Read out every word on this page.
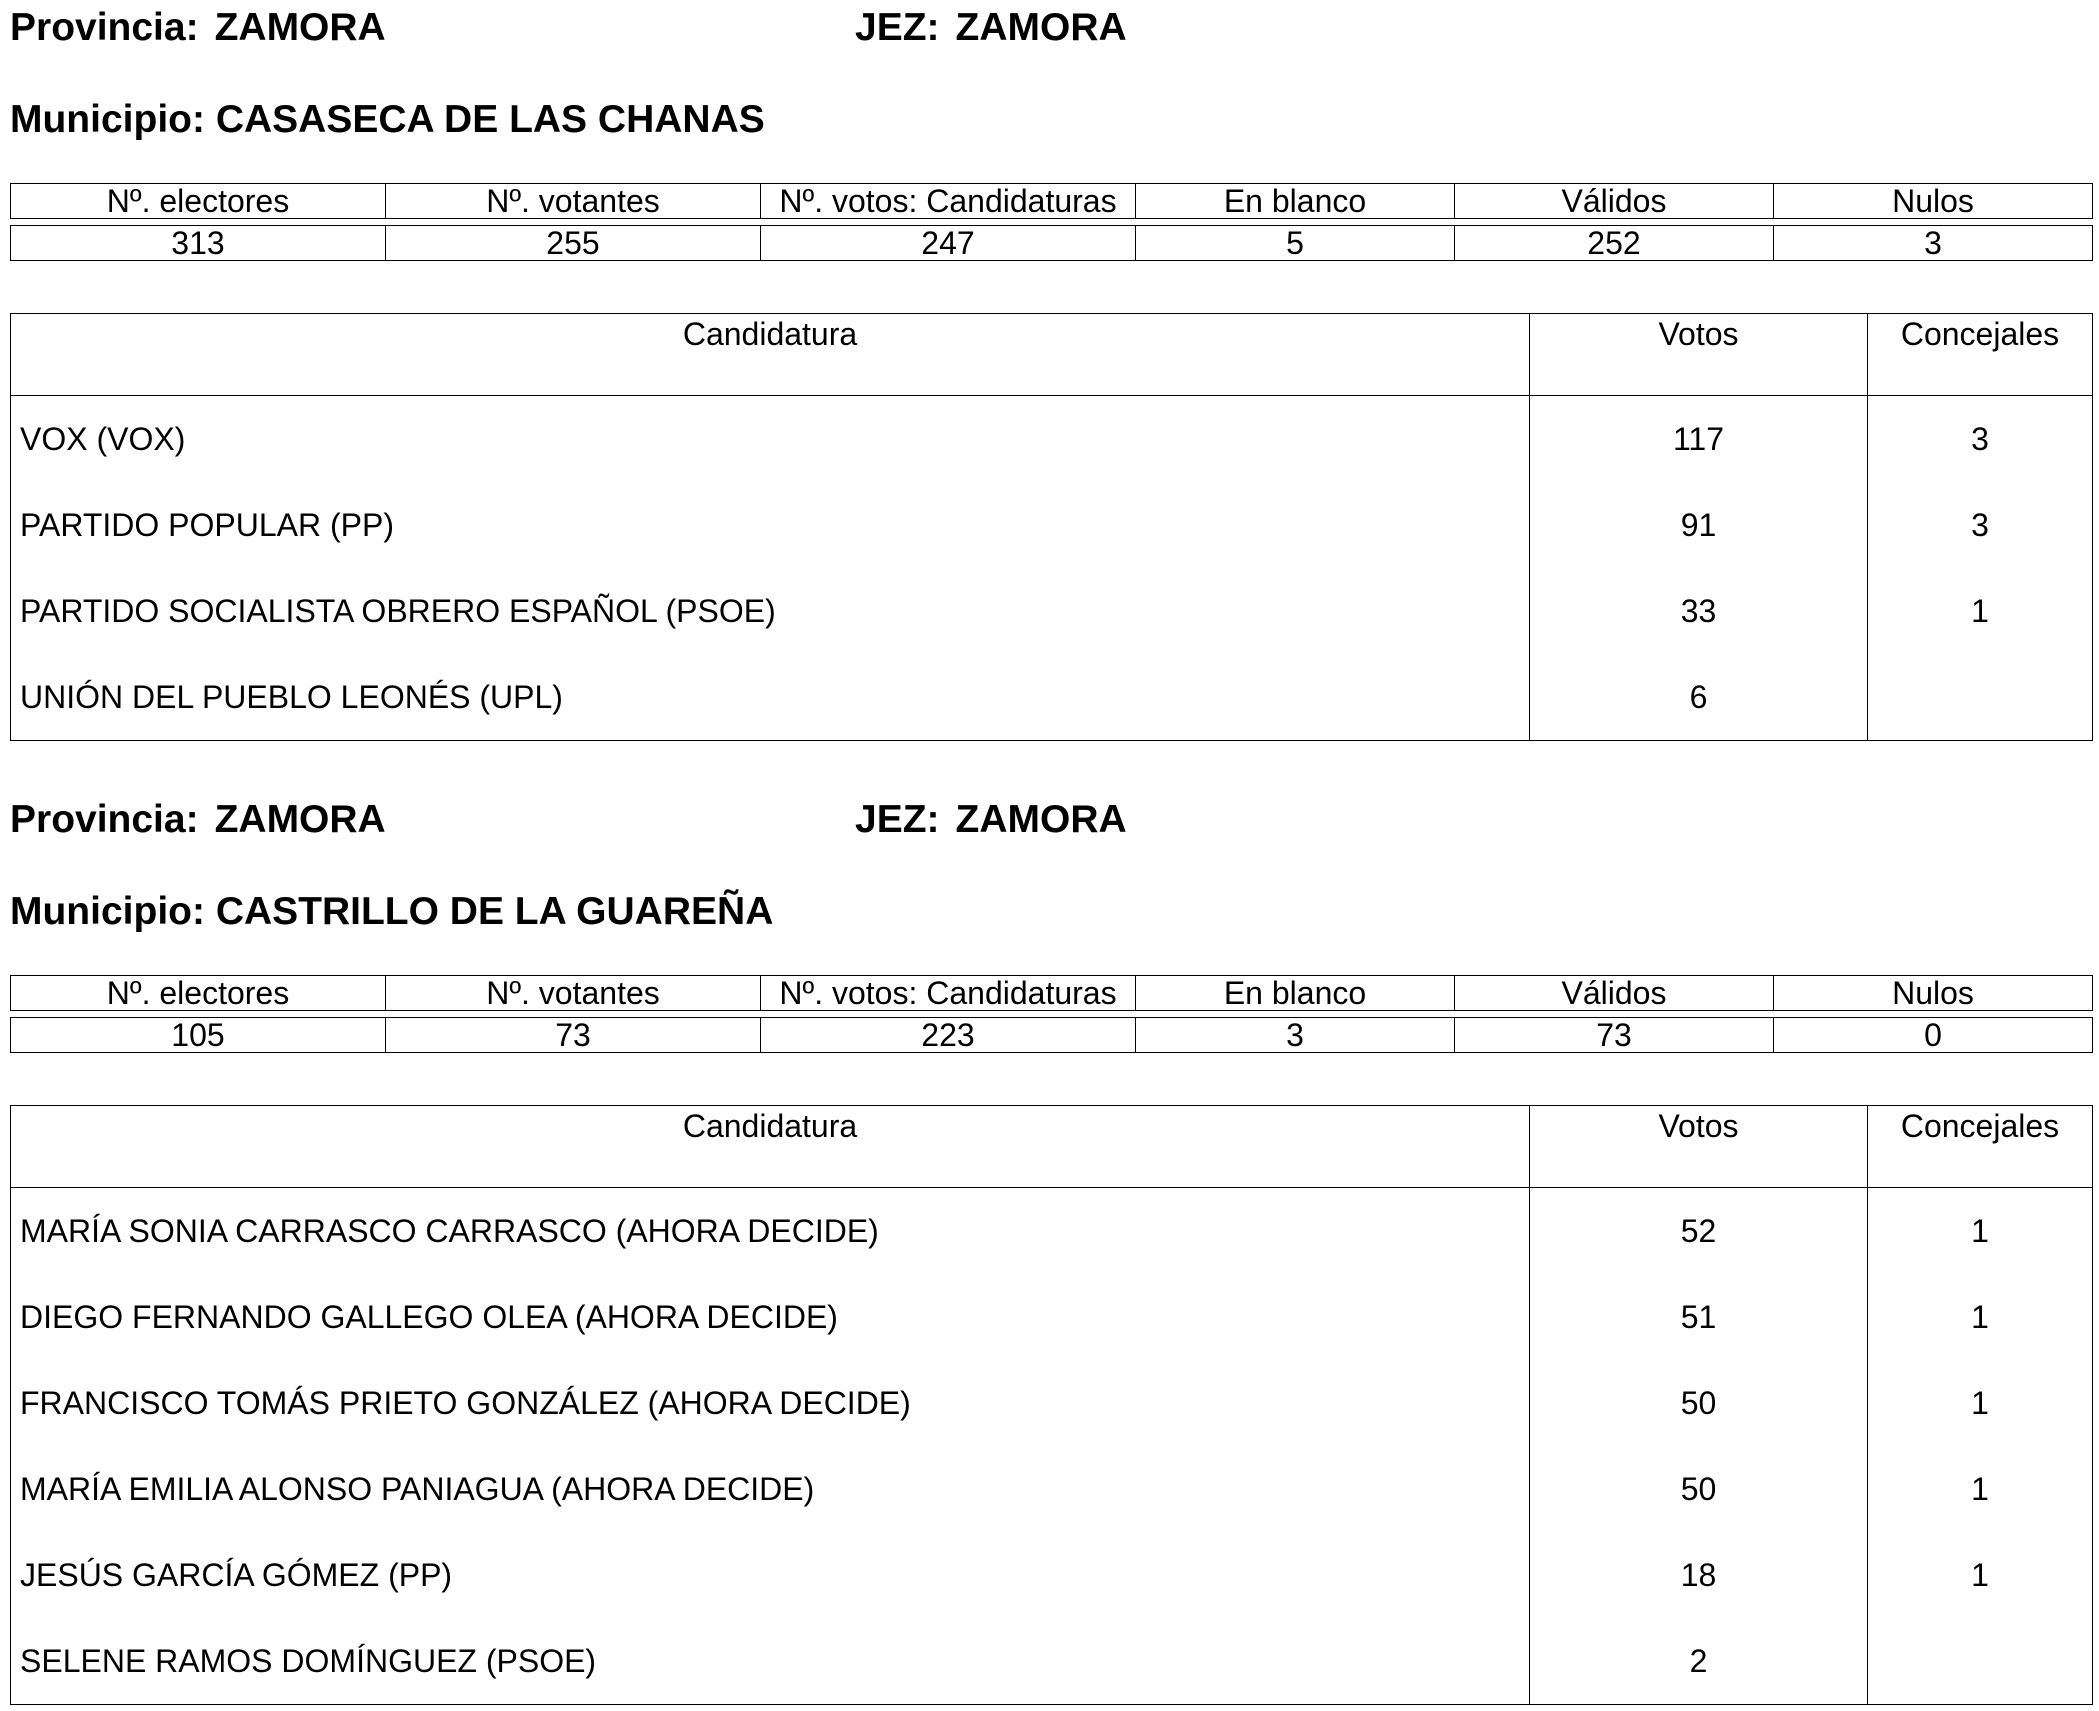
Provincia: ZAMORA	JEZ: ZAMORA
Municipio: CASASECA DE LAS CHANAS
Nº. electores	Nº. votantes	Nº. votos: Candidaturas	En blanco	Válidos	Nulos

313	255	247	5	252	3
Candidatura	Votos	Concejales
VOX (VOX)	117	3
PARTIDO POPULAR (PP)	91	3
PARTIDO SOCIALISTA OBRERO ESPAÑOL (PSOE)	33	1
UNIÓN DEL PUEBLO LEONÉS (UPL)	6	
Provincia: ZAMORA	JEZ: ZAMORA
Municipio: CASTRILLO DE LA GUAREÑA
Nº. electores	Nº. votantes	Nº. votos: Candidaturas	En blanco	Válidos	Nulos

105	73	223	3	73	0
Candidatura	Votos	Concejales
MARÍA SONIA CARRASCO CARRASCO (AHORA DECIDE)	52	1
DIEGO FERNANDO GALLEGO OLEA (AHORA DECIDE)	51	1
FRANCISCO TOMÁS PRIETO GONZÁLEZ (AHORA DECIDE)	50	1
MARÍA EMILIA ALONSO PANIAGUA (AHORA DECIDE)	50	1
JESÚS GARCÍA GÓMEZ (PP)	18	1
SELENE RAMOS DOMÍNGUEZ (PSOE)	2	
